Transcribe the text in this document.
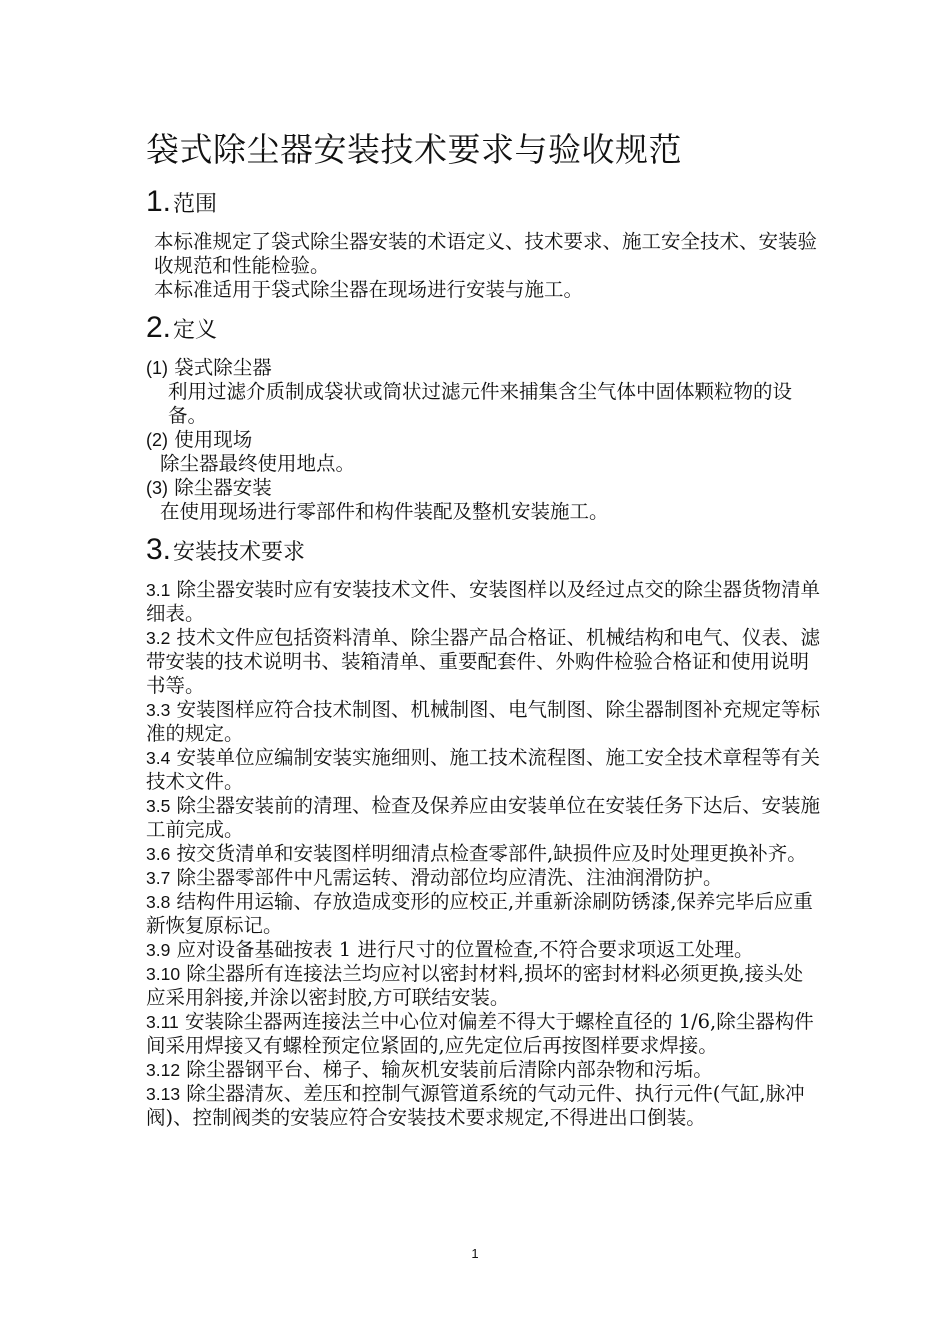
袋式除尘器安装技术要求与验收规范
1. 范围

本标准规定了袋式除尘器安装的术语定义、技术要求、施工安全技术、安装验收规范和性能检验。

本标准适用于袋式除尘器在现场进行安装与施工。

2. 定义
(1) 袋式除尘器
利用过滤介质制成袋状或筒状过滤元件来捕集含尘气体中固体颗粒物的设备。
(2) 使用现场
除尘器最终使用地点。
(3) 除尘器安装
在使用现场进行零部件和构件装配及整机安装施工。
3. 安装技术要求

3.1 除尘器安装时应有安装技术文件、安装图样以及经过点交的除尘器货物清单细表。

3.2 技术文件应包括资料清单、除尘器产品合格证、机械结构和电气、仪表、滤带安装的技术说明书、装箱清单、重要配套件、外购件检验合格证和使用说明书等。

3.3 安装图样应符合技术制图、机械制图、电气制图、除尘器制图补充规定等标准的规定。

3.4 安装单位应编制安装实施细则、施工技术流程图、施工安全技术章程等有关技术文件。

3.5 除尘器安装前的清理、检查及保养应由安装单位在安装任务下达后、安装施工前完成。

3.6 按交货清单和安装图样明细清点检查零部件,缺损件应及时处理更换补齐。

3.7 除尘器零部件中凡需运转、滑动部位均应清洗、注油润滑防护。

3.8 结构件用运输、存放造成变形的应校正,并重新涂刷防锈漆,保养完毕后应重新恢复原标记。

3.9 应对设备基础按表 1 进行尺寸的位置检查,不符合要求项返工处理。

3.10 除尘器所有连接法兰均应衬以密封材料,损坏的密封材料必须更换,接头处应采用斜接,并涂以密封胶,方可联结安装。

3.11 安装除尘器两连接法兰中心位对偏差不得大于螺栓直径的 1/6,除尘器构件间采用焊接又有螺栓预定位紧固的,应先定位后再按图样要求焊接。

3.12 除尘器钢平台、梯子、输灰机安装前后清除内部杂物和污垢。

3.13 除尘器清灰、差压和控制气源管道系统的气动元件、执行元件(气缸,脉冲阀)、控制阀类的安装应符合安装技术要求规定,不得进出口倒装。

1
